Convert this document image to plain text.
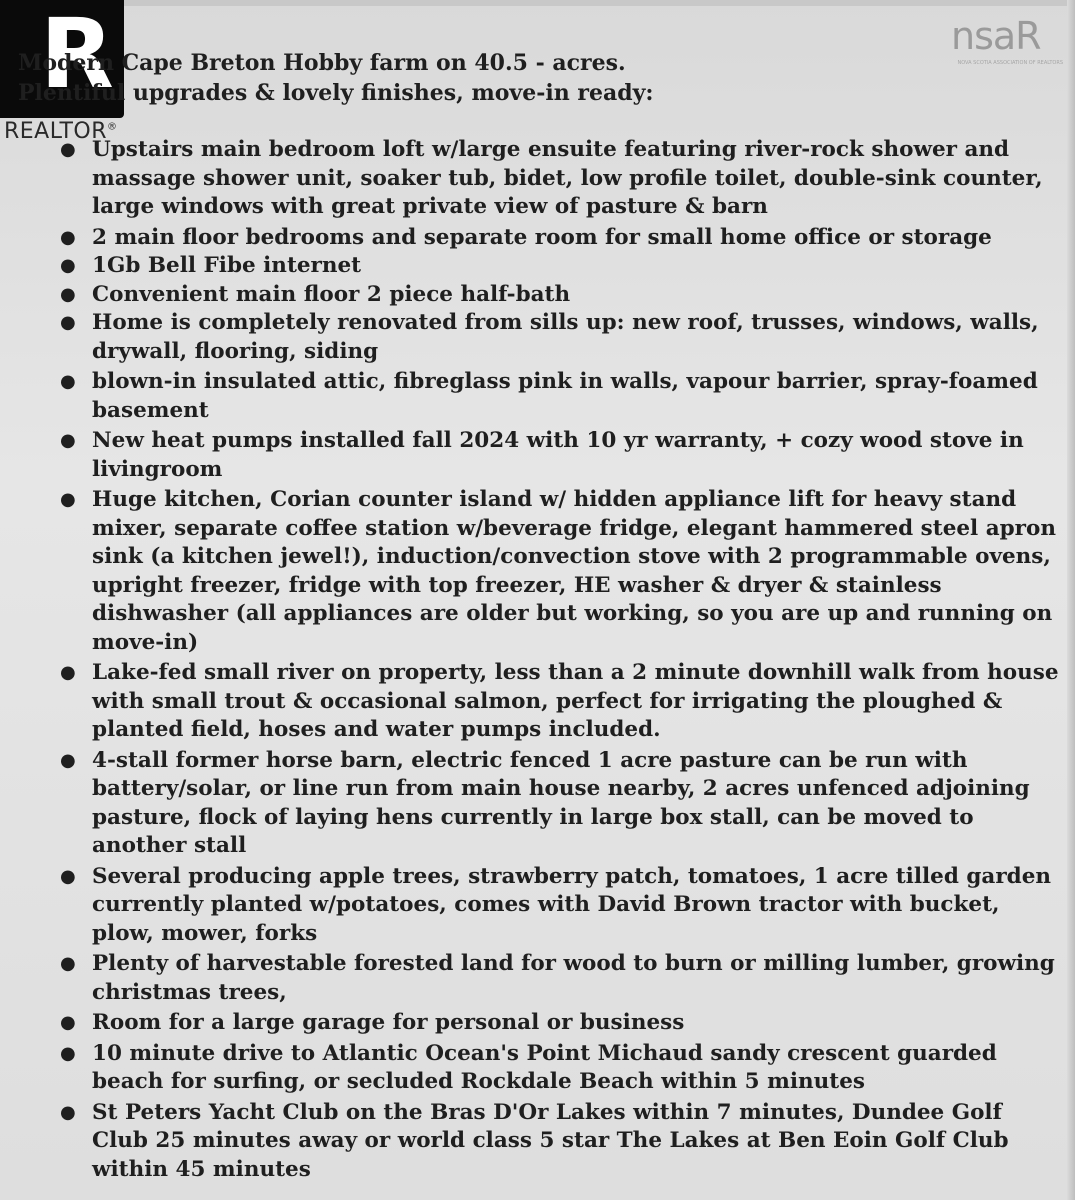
R
REALTOR®
nsaR
NOVA SCOTIA ASSOCIATION OF REALTORS
Modern Cape Breton Hobby farm on 40.5 - acres.
Plentiful upgrades & lovely finishes, move-in ready:
● Upstairs main bedroom loft w/large ensuite featuring river-rock shower and massage shower unit, soaker tub, bidet, low profile toilet, double-sink counter, large windows with great private view of pasture & barn
● 2 main floor bedrooms and separate room for small home office or storage
● 1Gb Bell Fibe internet
● Convenient main floor 2 piece half-bath
● Home is completely renovated from sills up: new roof, trusses, windows, walls, drywall, flooring, siding
● blown-in insulated attic, fibreglass pink in walls, vapour barrier, spray-foamed basement
● New heat pumps installed fall 2024 with 10 yr warranty, + cozy wood stove in livingroom
● Huge kitchen, Corian counter island w/ hidden appliance lift for heavy stand mixer, separate coffee station w/beverage fridge, elegant hammered steel apron sink (a kitchen jewel!), induction/convection stove with 2 programmable ovens, upright freezer, fridge with top freezer, HE washer & dryer & stainless dishwasher (all appliances are older but working, so you are up and running on move-in)
● Lake-fed small river on property, less than a 2 minute downhill walk from house with small trout & occasional salmon, perfect for irrigating the ploughed & planted field, hoses and water pumps included.
● 4-stall former horse barn, electric fenced 1 acre pasture can be run with battery/solar, or line run from main house nearby, 2 acres unfenced adjoining pasture, flock of laying hens currently in large box stall, can be moved to another stall
● Several producing apple trees, strawberry patch, tomatoes, 1 acre tilled garden currently planted w/potatoes, comes with David Brown tractor with bucket, plow, mower, forks
● Plenty of harvestable forested land for wood to burn or milling lumber, growing christmas trees,
● Room for a large garage for personal or business
● 10 minute drive to Atlantic Ocean's Point Michaud sandy crescent guarded beach for surfing, or secluded Rockdale Beach within 5 minutes
● St Peters Yacht Club on the Bras D'Or Lakes within 7 minutes, Dundee Golf Club 25 minutes away or world class 5 star The Lakes at Ben Eoin Golf Club within 45 minutes
